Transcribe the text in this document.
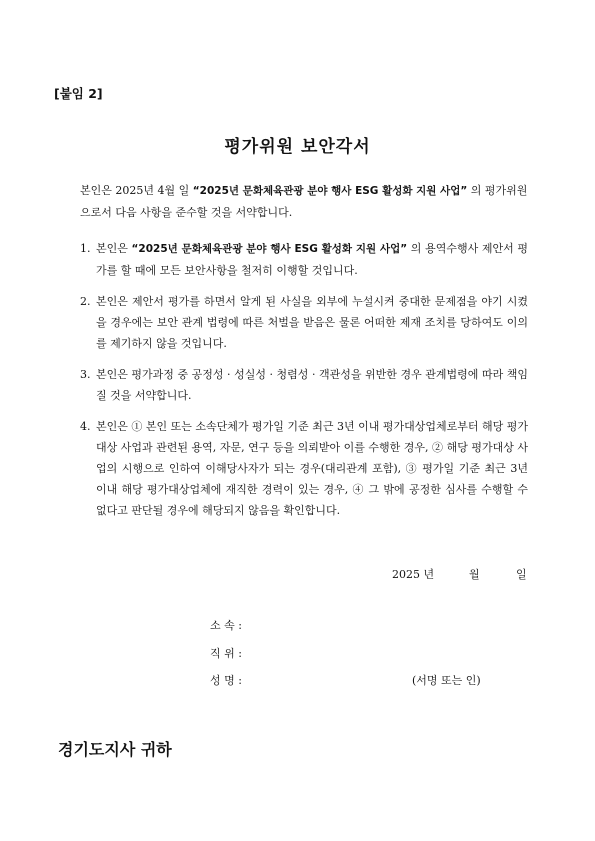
[붙임 2]
평가위원 보안각서
본인은 2025년 4월 일 “2025년 문화체육관광 분야 행사 ESG 활성화 지원 사업” 의 평가위원으로서 다음 사항을 준수할 것을 서약합니다.
1. 본인은 “2025년 문화체육관광 분야 행사 ESG 활성화 지원 사업” 의 용역수행사 제안서 평가를 할 때에 모든 보안사항을 철저히 이행할 것입니다.
2. 본인은 제안서 평가를 하면서 알게 된 사실을 외부에 누설시켜 중대한 문제점을 야기 시켰을 경우에는 보안 관계 법령에 따른 처벌을 받음은 물론 어떠한 제재 조치를 당하여도 이의를 제기하지 않을 것입니다.
3. 본인은 평가과정 중 공정성 · 성실성 · 청렴성 · 객관성을 위반한 경우 관계법령에 따라 책임질 것을 서약합니다.
4. 본인은 ① 본인 또는 소속단체가 평가일 기준 최근 3년 이내 평가대상업체로부터 해당 평가대상 사업과 관련된 용역, 자문, 연구 등을 의뢰받아 이를 수행한 경우, ② 해당 평가대상 사업의 시행으로 인하여 이해당사자가 되는 경우(대리관계 포함), ③ 평가일 기준 최근 3년 이내 해당 평가대상업체에 재직한 경력이 있는 경우, ④ 그 밖에 공정한 심사를 수행할 수 없다고 판단될 경우에 해당되지 않음을 확인합니다.
2025 년	월	일
소 속 :
직 위 :
성 명 :	(서명 또는 인)
경기도지사 귀하
